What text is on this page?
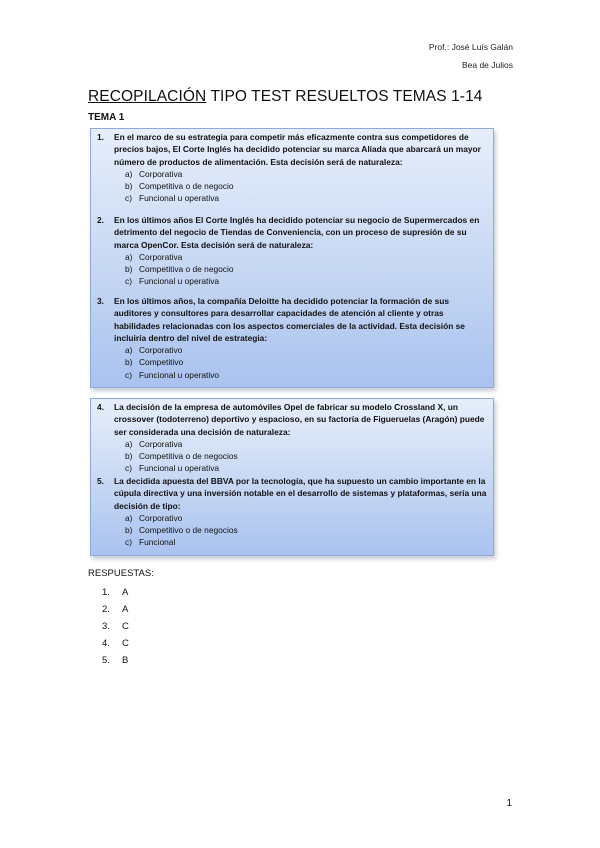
Prof.: José Luís Galán
Bea de Julios
RECOPILACIÓN TIPO TEST RESUELTOS TEMAS 1-14
TEMA 1
1. En el marco de su estrategia para competir más eficazmente contra sus competidores de precios bajos, El Corte Inglés ha decidido potenciar su marca Aliada que abarcará un mayor número de productos de alimentación. Esta decisión será de naturaleza:
a) Corporativa
b) Competitiva o de negocio
c) Funcional u operativa
2. En los últimos años El Corte Inglés ha decidido potenciar su negocio de Supermercados en detrimento del negocio de Tiendas de Conveniencia, con un proceso de supresión de su marca OpenCor. Esta decisión será de naturaleza:
a) Corporativa
b) Competitiva o de negocio
c) Funcional u operativa
3. En los últimos años, la compañía Deloitte ha decidido potenciar la formación de sus auditores y consultores para desarrollar capacidades de atención al cliente y otras habilidades relacionadas con los aspectos comerciales de la actividad. Esta decisión se incluiría dentro del nivel de estrategia:
a) Corporativo
b) Competitivo
c) Funcional u operativo
4. La decisión de la empresa de automóviles Opel de fabricar su modelo Crossland X, un crossover (todoterreno) deportivo y espacioso, en su factoría de Figueruelas (Aragón) puede ser considerada una decisión de naturaleza:
a) Corporativa
b) Competitiva o de negocios
c) Funcional u operativa
5. La decidida apuesta del BBVA por la tecnología, que ha supuesto un cambio importante en la cúpula directiva y una inversión notable en el desarrollo de sistemas y plataformas, sería una decisión de tipo:
a) Corporativo
b) Competitivo o de negocios
c) Funcional
RESPUESTAS:
1.	A
2.	A
3.	C
4.	C
5.	B
1
